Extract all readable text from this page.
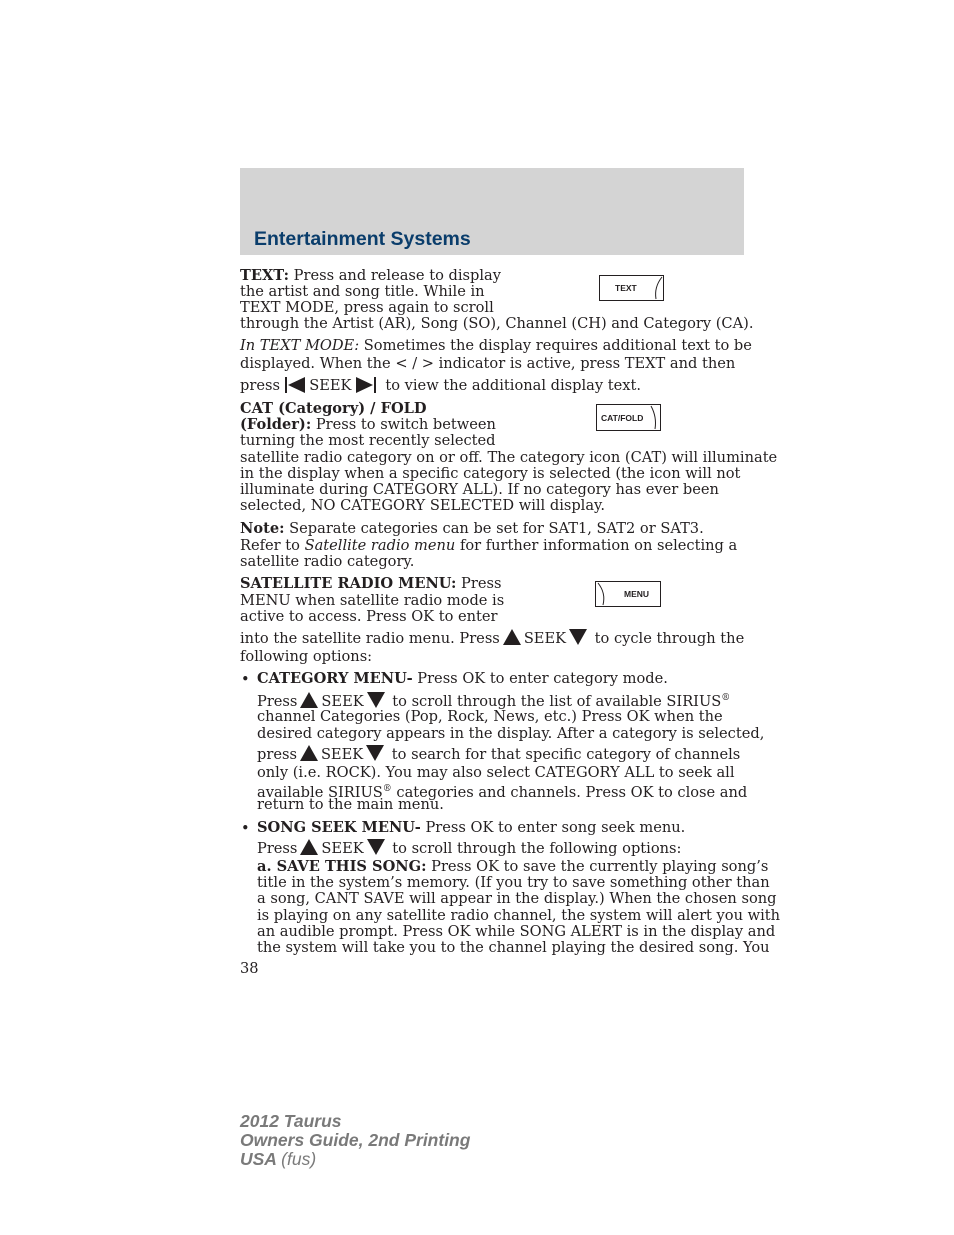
Entertainment Systems
TEXT
CAT/FOLD
MENU

TEXT: Press and release to display

the artist and song title. While in

TEXT MODE, press again to scroll

through the Artist (AR), Song (SO), Channel (CH) and Category (CA).

In TEXT MODE: Sometimes the display requires additional text to be

displayed. When the < / > indicator is active, press TEXT and then

press SEEK to view the additional display text.

CAT (Category) / FOLD

(Folder): Press to switch between

turning the most recently selected

satellite radio category on or off. The category icon (CAT) will illuminate

in the display when a specific category is selected (the icon will not

illuminate during CATEGORY ALL). If no category has ever been

selected, NO CATEGORY SELECTED will display.

Note: Separate categories can be set for SAT1, SAT2 or SAT3.

Refer to Satellite radio menu for further information on selecting a

satellite radio category.

SATELLITE RADIO MENU: Press

MENU when satellite radio mode is

active to access. Press OK to enter

into the satellite radio menu. Press SEEK to cycle through the

following options:

• CATEGORY MENU- Press OK to enter category mode.

Press SEEK to scroll through the list of available SIRIUS®

channel Categories (Pop, Rock, News, etc.) Press OK when the

desired category appears in the display. After a category is selected,

press SEEK to search for that specific category of channels

only (i.e. ROCK). You may also select CATEGORY ALL to seek all

available SIRIUS® categories and channels. Press OK to close and

return to the main menu.

• SONG SEEK MENU- Press OK to enter song seek menu.

Press SEEK to scroll through the following options:

a. SAVE THIS SONG: Press OK to save the currently playing song’s

title in the system’s memory. (If you try to save something other than

a song, CANT SAVE will appear in the display.) When the chosen song

is playing on any satellite radio channel, the system will alert you with

an audible prompt. Press OK while SONG ALERT is in the display and

the system will take you to the channel playing the desired song. You

38
2012 Taurus
Owners Guide, 2nd Printing
USA (fus)
